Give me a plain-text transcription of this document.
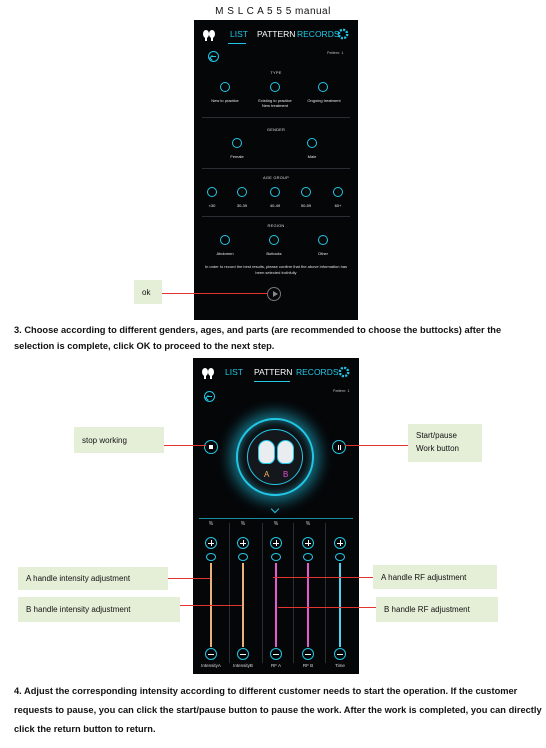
M S L C A 5 5 5 manual
LIST PATTERN RECORDS
Pattern: 1
TYPE
New to practice	Existing to practice
New treatment
Ongoing treatment
GENDER
Female	Male
AGE GROUP
<30	30-39	40-49	50-59	60+
REGION
Abdomen	Buttocks	Other
In order to record the best results, please confirm that the above information has been selected truthfully
ok
3. Choose according to different genders, ages, and parts (are recommended to choose the buttocks) after the selection is complete, click OK to proceed to the next step.
LIST PATTERN RECORDS
Pattern: 1
A B
%
IntensityA
%
IntensityB
%
RF A
%
RF B	Time
stop working	Start/pause
Work button
A handle intensity adjustment
B handle intensity adjustment
A handle RF adjustment
B handle RF adjustment
4. Adjust the corresponding intensity according to different customer needs to start the operation. If the customer requests to pause, you can click the start/pause button to pause the work. After the work is completed, you can directly click the return button to return.
